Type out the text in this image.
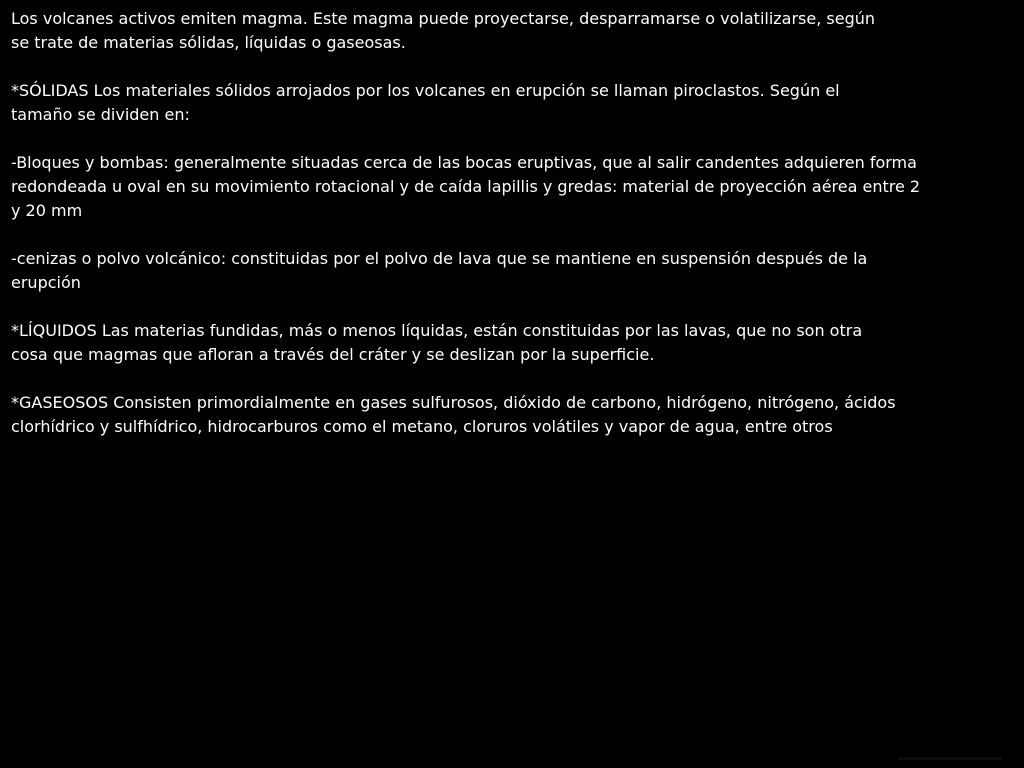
Los volcanes activos emiten magma. Este magma puede proyectarse, desparramarse o volatilizarse, según
se trate de materias sólidas, líquidas o gaseosas.
*SÓLIDAS Los materiales sólidos arrojados por los volcanes en erupción se llaman piroclastos. Según el
tamaño se dividen en:
-Bloques y bombas: generalmente situadas cerca de las bocas eruptivas, que al salir candentes adquieren forma
redondeada u oval en su movimiento rotacional y de caída lapillis y gredas: material de proyección aérea entre 2
y 20 mm
-cenizas o polvo volcánico: constituidas por el polvo de lava que se mantiene en suspensión después de la
erupción
*LÍQUIDOS Las materias fundidas, más o menos líquidas, están constituidas por las lavas, que no son otra
cosa que magmas que afloran a través del cráter y se deslizan por la superficie.
*GASEOSOS Consisten primordialmente en gases sulfurosos, dióxido de carbono, hidrógeno, nitrógeno, ácidos
clorhídrico y sulfhídrico, hidrocarburos como el metano, cloruros volátiles y vapor de agua, entre otros
